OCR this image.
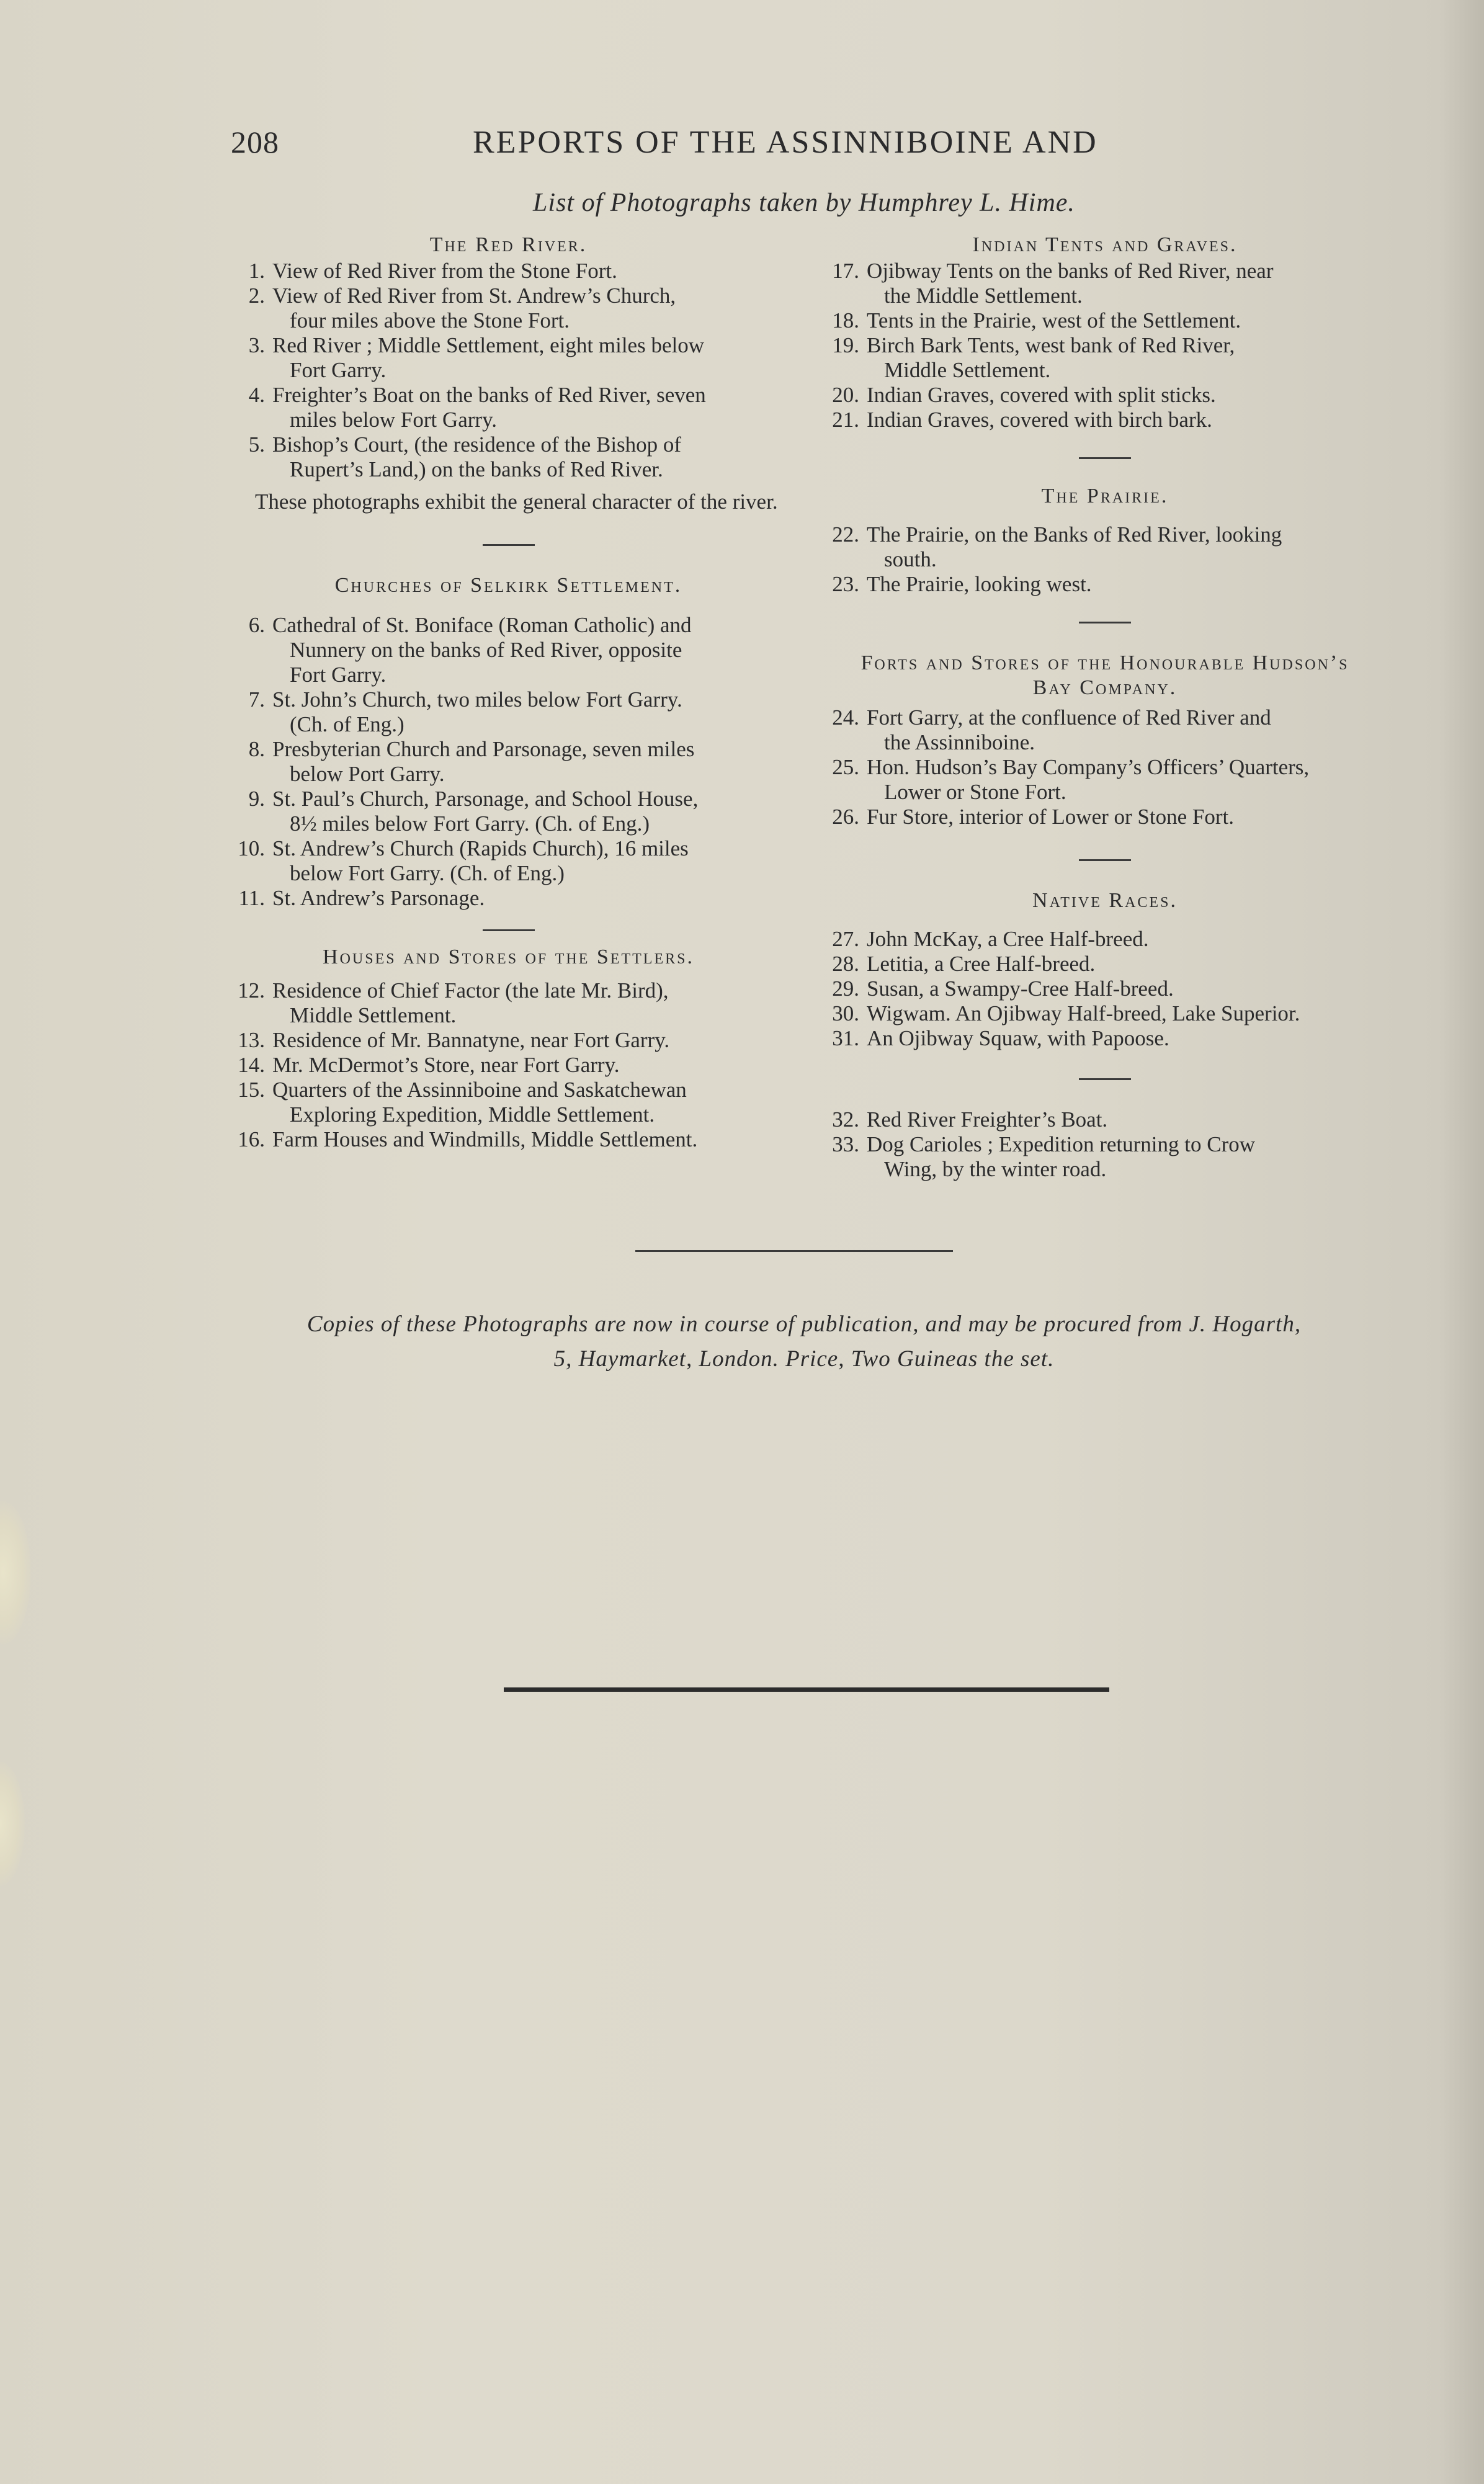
208	REPORTS OF THE ASSINNIBOINE AND
List of Photographs taken by Humphrey L. Hime.
The Red River.
1. View of Red River from the Stone Fort.
2. View of Red River from St. Andrew’s Church,
four miles above the Stone Fort.
3. Red River ; Middle Settlement, eight miles below
Fort Garry.
4. Freighter’s Boat on the banks of Red River, seven
miles below Fort Garry.
5. Bishop’s Court, (the residence of the Bishop of
Rupert’s Land,) on the banks of Red River.
These photographs exhibit the general character of the river.
Churches of Selkirk Settlement.
6. Cathedral of St. Boniface (Roman Catholic) and
Nunnery on the banks of Red River, opposite
Fort Garry.
7. St. John’s Church, two miles below Fort Garry.
(Ch. of Eng.)
8. Presbyterian Church and Parsonage, seven miles
below Port Garry.
9. St. Paul’s Church, Parsonage, and School House,
8½ miles below Fort Garry. (Ch. of Eng.)
10. St. Andrew’s Church (Rapids Church), 16 miles
below Fort Garry. (Ch. of Eng.)
11. St. Andrew’s Parsonage.
Houses and Stores of the Settlers.
12. Residence of Chief Factor (the late Mr. Bird),
Middle Settlement.
13. Residence of Mr. Bannatyne, near Fort Garry.
14. Mr. McDermot’s Store, near Fort Garry.
15. Quarters of the Assinniboine and Saskatchewan
Exploring Expedition, Middle Settlement.
16. Farm Houses and Windmills, Middle Settlement.
Indian Tents and Graves.
17. Ojibway Tents on the banks of Red River, near
the Middle Settlement.
18. Tents in the Prairie, west of the Settlement.
19. Birch Bark Tents, west bank of Red River,
Middle Settlement.
20. Indian Graves, covered with split sticks.
21. Indian Graves, covered with birch bark.
The Prairie.
22. The Prairie, on the Banks of Red River, looking
south.
23. The Prairie, looking west.
Forts and Stores of the Honourable Hudson’s
Bay Company.
24. Fort Garry, at the confluence of Red River and
the Assinniboine.
25. Hon. Hudson’s Bay Company’s Officers’ Quarters,
Lower or Stone Fort.
26. Fur Store, interior of Lower or Stone Fort.
Native Races.
27. John McKay, a Cree Half-breed.
28. Letitia, a Cree Half-breed.
29. Susan, a Swampy-Cree Half-breed.
30. Wigwam. An Ojibway Half-breed, Lake Superior.
31. An Ojibway Squaw, with Papoose.
32. Red River Freighter’s Boat.
33. Dog Carioles ; Expedition returning to Crow
Wing, by the winter road.
Copies of these Photographs are now in course of publication, and may be procured from J. Hogarth,
5, Haymarket, London. Price, Two Guineas the set.
